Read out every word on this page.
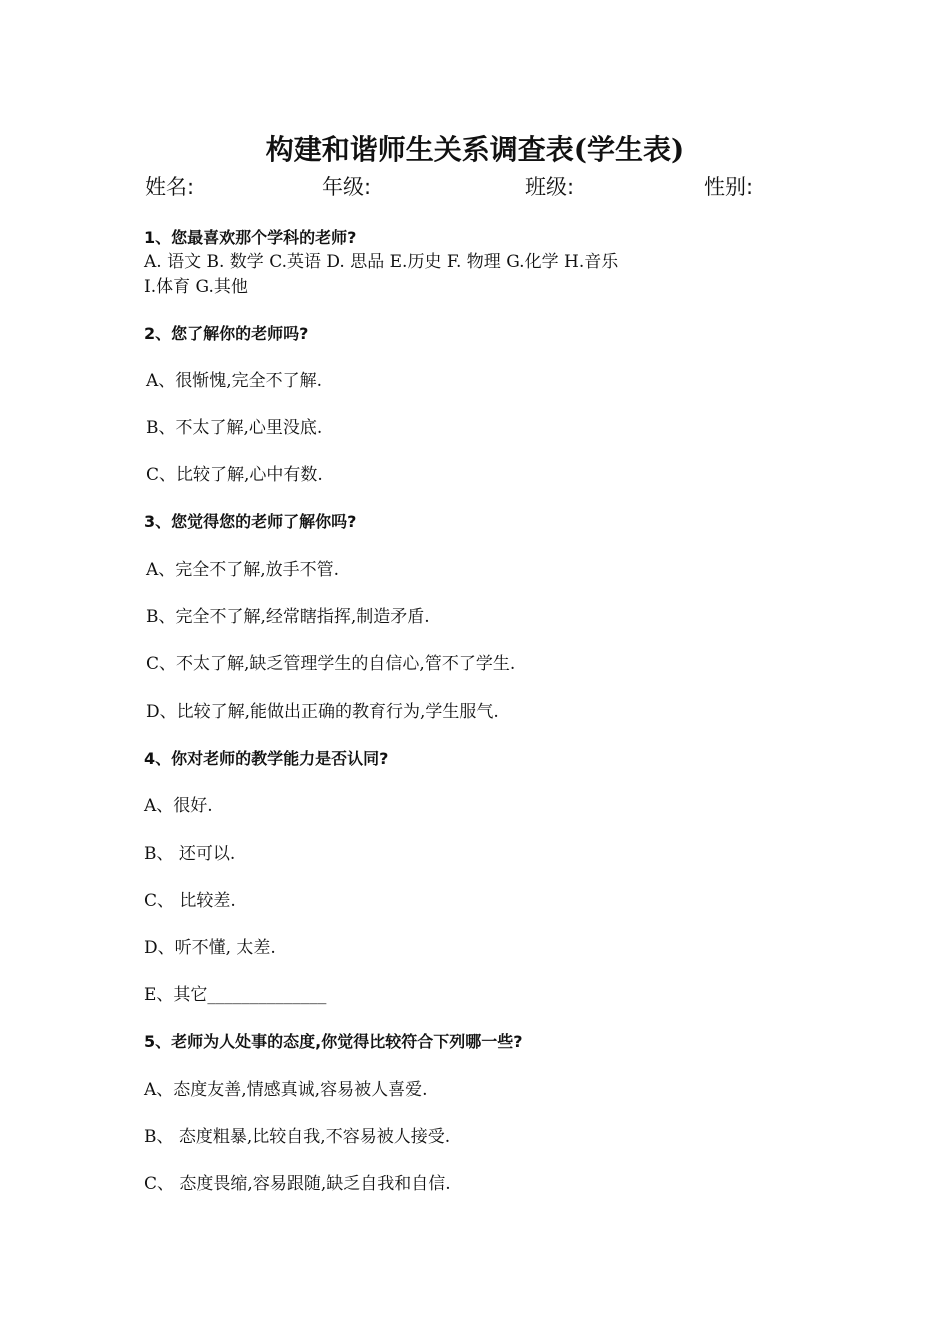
构建和谐师生关系调查表(学生表)
姓名:	年级:	班级:	性别:
1、您最喜欢那个学科的老师?
A. 语文 B. 数学 C.英语 D. 思品 E.历史 F. 物理 G.化学 H.音乐
I.体育 G.其他
2、您了解你的老师吗?
A、很惭愧,完全不了解.
B、不太了解,心里没底.
C、比较了解,心中有数.
3、您觉得您的老师了解你吗?
A、完全不了解,放手不管.
B、完全不了解,经常瞎指挥,制造矛盾.
C、不太了解,缺乏管理学生的自信心,管不了学生.
D、比较了解,能做出正确的教育行为,学生服气.
4、你对老师的教学能力是否认同?
A、很好.
B、 还可以.
C、 比较差.
D、听不懂, 太差.
E、其它______________
5、老师为人处事的态度,你觉得比较符合下列哪一些?
A、态度友善,情感真诚,容易被人喜爱.
B、 态度粗暴,比较自我,不容易被人接受.
C、 态度畏缩,容易跟随,缺乏自我和自信.
